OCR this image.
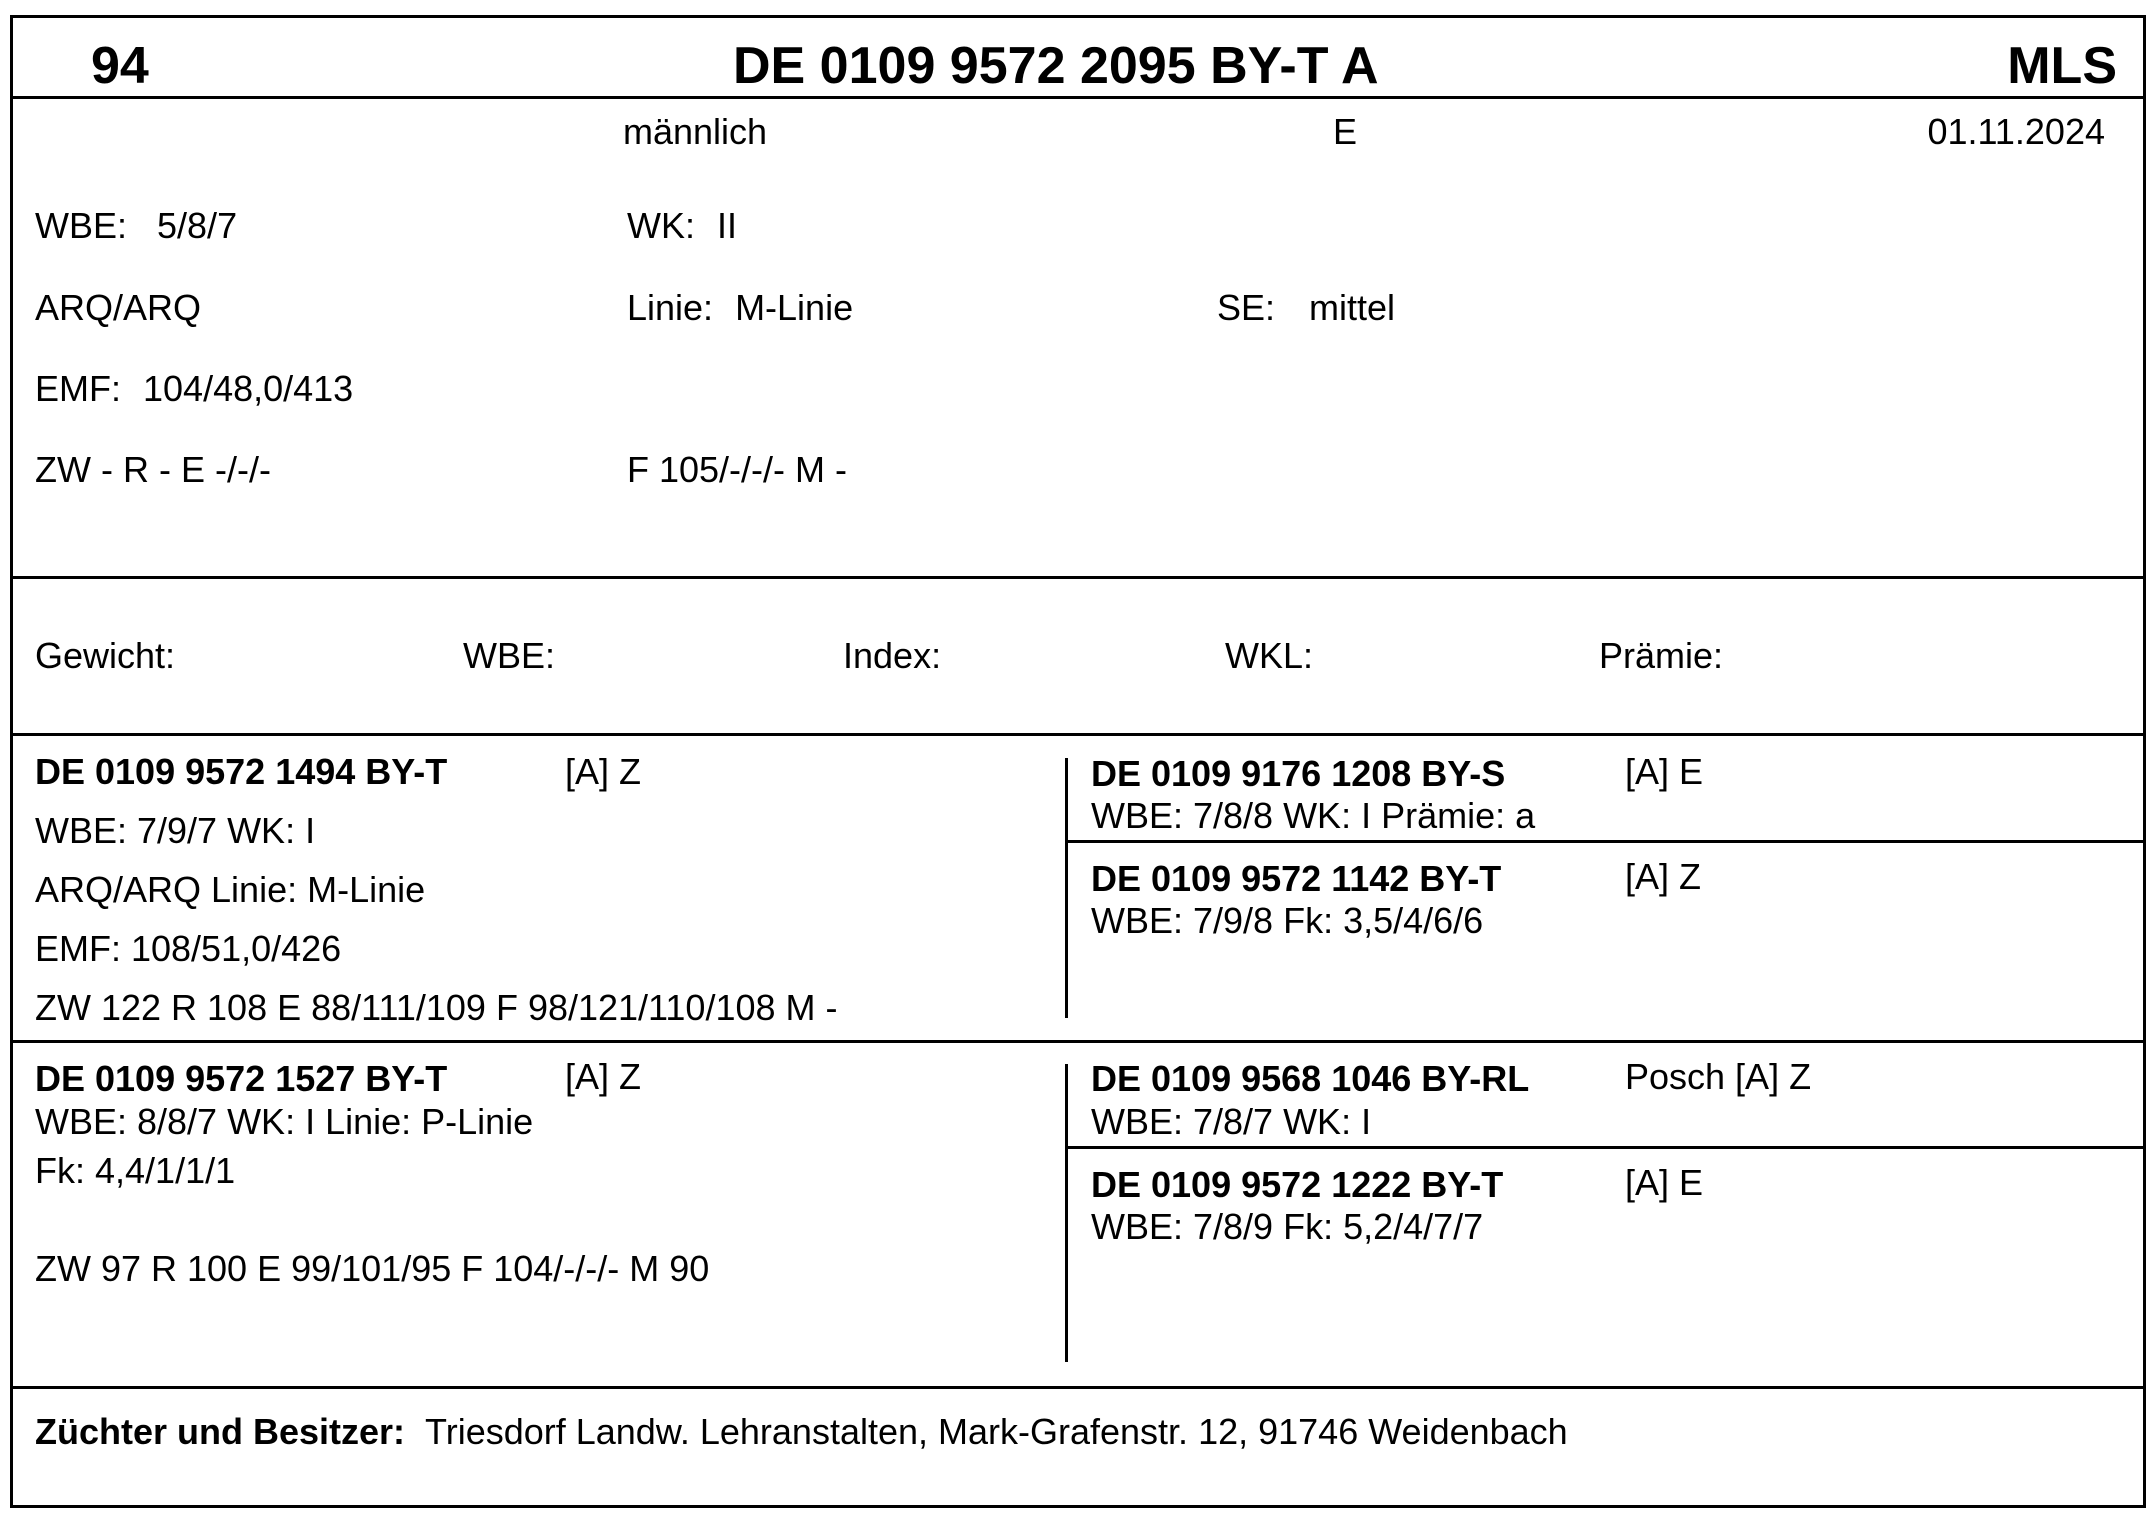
94	DE 0109 9572 2095 BY-T A	MLS
männlich	E	01.11.2024
WBE: 5/8/7	WK: II
ARQ/ARQ	Linie: M-Linie	SE: mittel
EMF: 104/48,0/413
ZW - R - E -/-/-	F 105/-/-/- M -
Gewicht:	WBE:	Index:	WKL:	Prämie:
DE 0109 9572 1494 BY-T	[A] Z
WBE: 7/9/7 WK: I
ARQ/ARQ Linie: M-Linie
EMF: 108/51,0/426
ZW 122 R 108 E 88/111/109 F 98/121/110/108 M -
DE 0109 9176 1208 BY-S	[A] E
WBE: 7/8/8 WK: I Prämie: a
DE 0109 9572 1142 BY-T	[A] Z
WBE: 7/9/8 Fk: 3,5/4/6/6
DE 0109 9572 1527 BY-T	[A] Z
WBE: 8/8/7 WK: I Linie: P-Linie
Fk: 4,4/1/1/1
ZW 97 R 100 E 99/101/95 F 104/-/-/- M 90
DE 0109 9568 1046 BY-RL	Posch [A] Z
WBE: 7/8/7 WK: I
DE 0109 9572 1222 BY-T	[A] E
WBE: 7/8/9 Fk: 5,2/4/7/7
Züchter und Besitzer: Triesdorf Landw. Lehranstalten, Mark-Grafenstr. 12, 91746 Weidenbach
